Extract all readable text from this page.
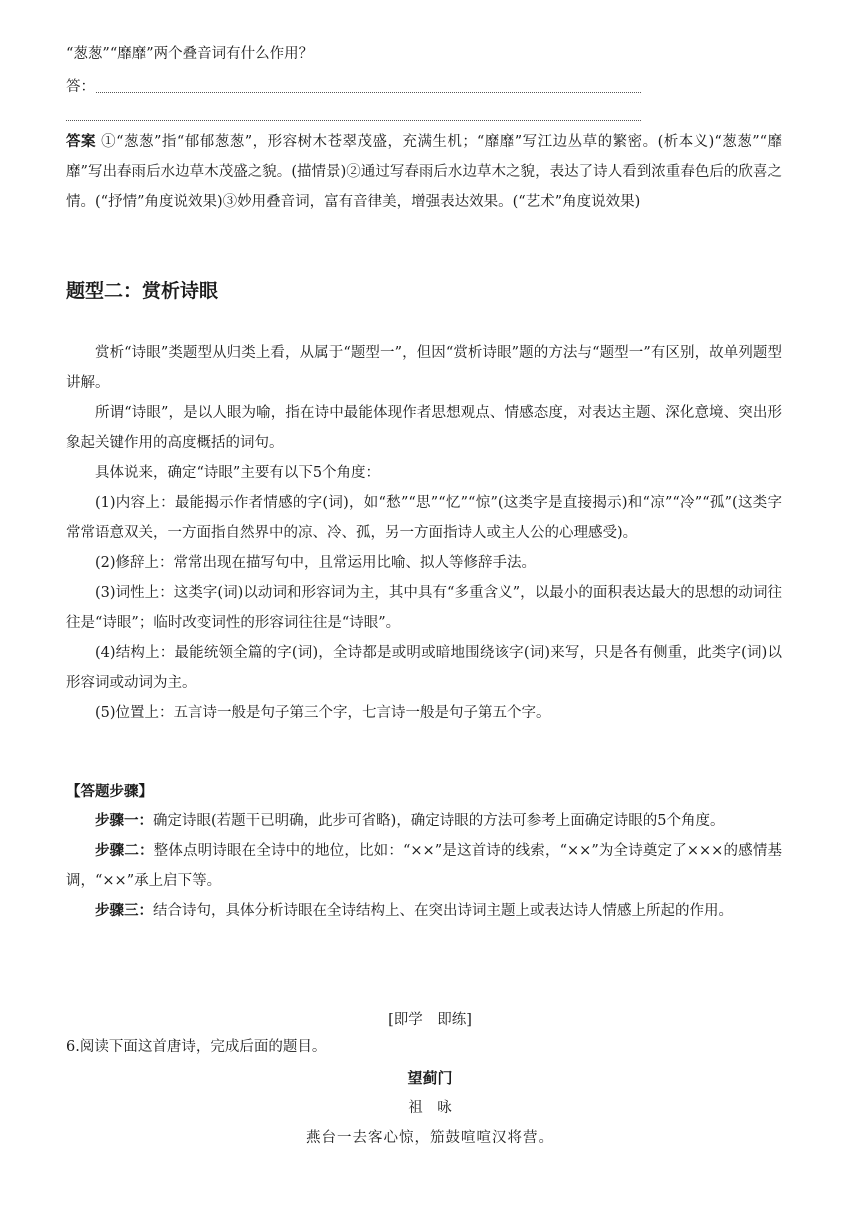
“葱葱”“靡靡”两个叠音词有什么作用？
答：
答案 ①“葱葱”指“郁郁葱葱”，形容树木苍翠茂盛，充满生机；“靡靡”写江边丛草的繁密。(析本义)“葱葱”“靡靡”写出春雨后水边草木茂盛之貌。(描情景)②通过写春雨后水边草木之貌，表达了诗人看到浓重春色后的欣喜之情。(“抒情”角度说效果)③妙用叠音词，富有音律美，增强表达效果。(“艺术”角度说效果)
题型二：赏析诗眼
赏析“诗眼”类题型从归类上看，从属于“题型一”，但因“赏析诗眼”题的方法与“题型一”有区别，故单列题型讲解。
所谓“诗眼”，是以人眼为喻，指在诗中最能体现作者思想观点、情感态度，对表达主题、深化意境、突出形象起关键作用的高度概括的词句。
具体说来，确定“诗眼”主要有以下5个角度：
(1)内容上：最能揭示作者情感的字(词)，如“愁”“思”“忆”“惊”(这类字是直接揭示)和“凉”“冷”“孤”(这类字常常语意双关，一方面指自然界中的凉、冷、孤，另一方面指诗人或主人公的心理感受)。
(2)修辞上：常常出现在描写句中，且常运用比喻、拟人等修辞手法。
(3)词性上：这类字(词)以动词和形容词为主，其中具有“多重含义”，以最小的面积表达最大的思想的动词往往是“诗眼”；临时改变词性的形容词往往是“诗眼”。
(4)结构上：最能统领全篇的字(词)，全诗都是或明或暗地围绕该字(词)来写，只是各有侧重，此类字(词)以形容词或动词为主。
(5)位置上：五言诗一般是句子第三个字，七言诗一般是句子第五个字。
【答题步骤】
步骤一：确定诗眼(若题干已明确，此步可省略)，确定诗眼的方法可参考上面确定诗眼的5个角度。
步骤二：整体点明诗眼在全诗中的地位，比如：“××”是这首诗的线索，“××”为全诗奠定了×××的感情基调，“××”承上启下等。
步骤三：结合诗句，具体分析诗眼在全诗结构上、在突出诗词主题上或表达诗人情感上所起的作用。
[即学　即练]
6.阅读下面这首唐诗，完成后面的题目。
望蓟门
祖　咏
燕台一去客心惊，笳鼓喧喧汉将营。
